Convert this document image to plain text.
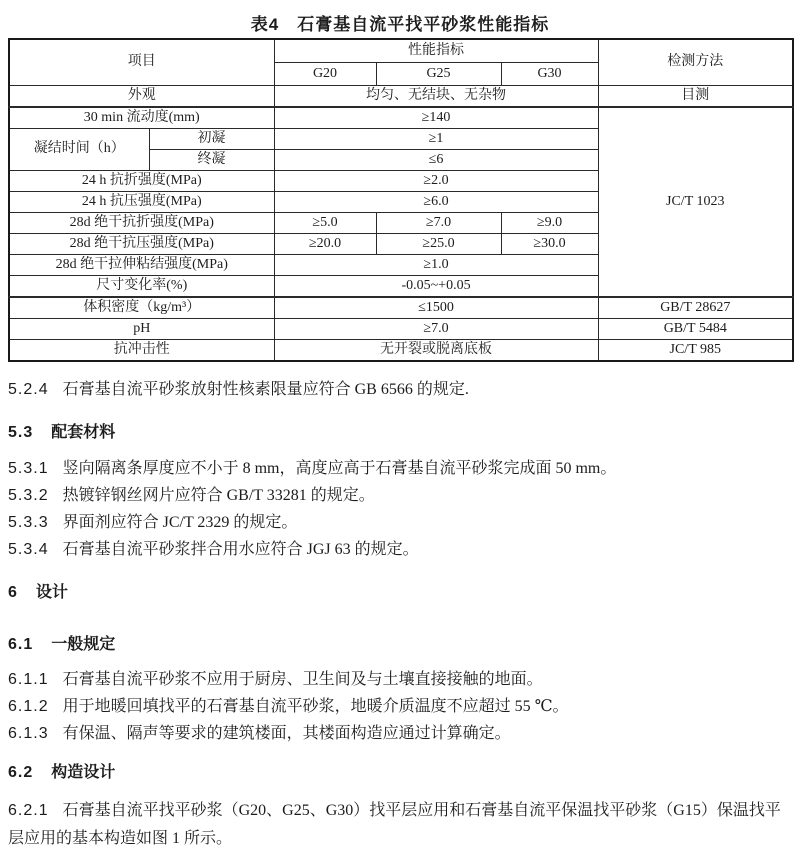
表4　石膏基自流平找平砂浆性能指标
项目		性能指标			检测方法
		G20	G25	G30	
外观		均匀、无结块、无杂物			目测
30 min 流动度(mm)		≥140			JC/T 1023
凝结时间（h）	初凝	≥1			
	终凝	≤6			
24 h 抗折强度(MPa)		≥2.0			
24 h 抗压强度(MPa)		≥6.0			
28d 绝干抗折强度(MPa)		≥5.0	≥7.0	≥9.0	
28d 绝干抗压强度(MPa)		≥20.0	≥25.0	≥30.0	
28d 绝干拉伸粘结强度(MPa)		≥1.0			
尺寸变化率(%)		-0.05~+0.05			
体积密度（kg/m³）		≤1500			GB/T 28627
pH		≥7.0			GB/T 5484
抗冲击性		无开裂或脱离底板			JC/T 985
5.2.4 石膏基自流平砂浆放射性核素限量应符合 GB 6566 的规定.
5.3 配套材料
5.3.1 竖向隔离条厚度应不小于 8 mm，高度应高于石膏基自流平砂浆完成面 50 mm。
5.3.2 热镀锌钢丝网片应符合 GB/T 33281 的规定。
5.3.3 界面剂应符合 JC/T 2329 的规定。
5.3.4 石膏基自流平砂浆拌合用水应符合 JGJ 63 的规定。
6 设计
6.1 一般规定
6.1.1 石膏基自流平砂浆不应用于厨房、卫生间及与土壤直接接触的地面。
6.1.2 用于地暖回填找平的石膏基自流平砂浆，地暖介质温度不应超过 55 ℃。
6.1.3 有保温、隔声等要求的建筑楼面，其楼面构造应通过计算确定。
6.2 构造设计
6.2.1 石膏基自流平找平砂浆（G20、G25、G30）找平层应用和石膏基自流平保温找平砂浆（G15）保温找平层应用的基本构造如图 1 所示。
